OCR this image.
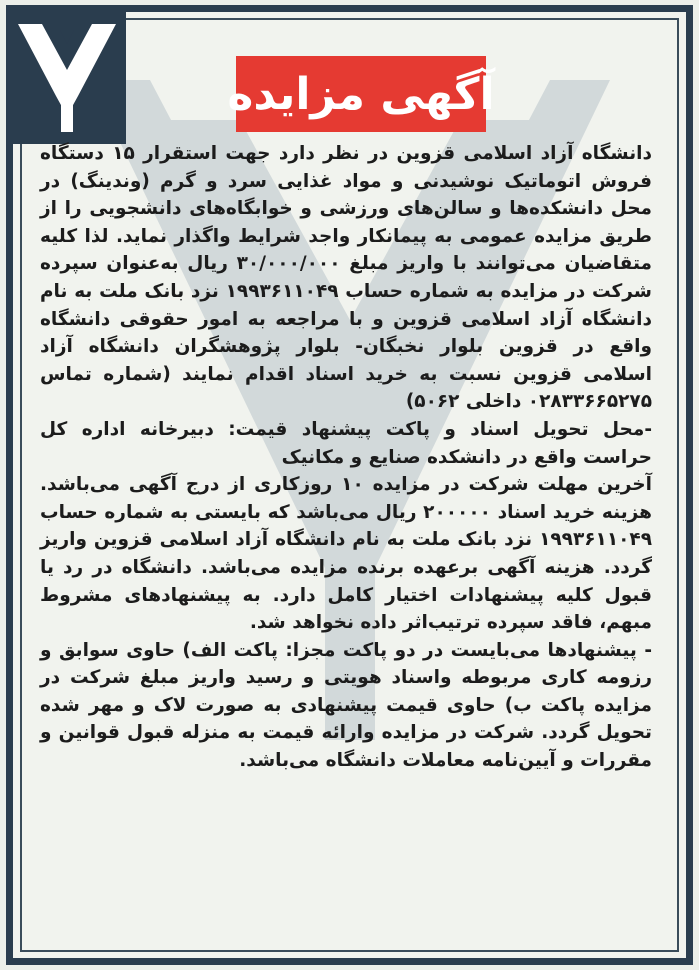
آگهی مزایده

دانشگاه آزاد اسلامی قزوین در نظر دارد جهت استقرار ۱۵ دستگاه فروش اتوماتیک نوشیدنی و مواد غذایی سرد و گرم (وندینگ) در محل دانشکده‌ها و سالن‌های ورزشی و خوابگاه‌های دانشجویی را از طریق مزایده عمومی به پیمانکار واجد شرایط واگذار نماید. لذا کلیه متقاضیان می‌توانند با واریز مبلغ ۳۰/۰۰۰/۰۰۰ ریال به‌عنوان سپرده شرکت در مزایده به شماره حساب ۱۹۹۳۶۱۱۰۴۹ نزد بانک ملت به نام دانشگاه آزاد اسلامی قزوین و با مراجعه به امور حقوقی دانشگاه واقع در قزوین بلوار نخبگان- بلوار پژوهشگران دانشگاه آزاد اسلامی قزوین نسبت به خرید اسناد اقدام نمایند (شماره تماس ۰۲۸۳۳۶۶۵۲۷۵ داخلی ۵۰۶۲)

-محل تحویل اسناد و پاکت پیشنهاد قیمت: دبیرخانه اداره کل حراست واقع در دانشکده صنایع و مکانیک

آخرین مهلت شرکت در مزایده ۱۰ روزکاری از درج آگهی می‌باشد. هزینه خرید اسناد ۲۰۰۰۰۰ ریال می‌باشد که بایستی به شماره حساب ۱۹۹۳۶۱۱۰۴۹ نزد بانک ملت به نام دانشگاه آزاد اسلامی قزوین واریز گردد. هزینه آگهی برعهده برنده مزایده می‌باشد. دانشگاه در رد یا قبول کلیه پیشنهادات اختیار کامل دارد. به پیشنهادهای مشروط مبهم، فاقد سپرده ترتیب‌اثر داده نخواهد شد.

- پیشنهادها می‌بایست در دو پاکت مجزا: پاکت الف) حاوی سوابق و رزومه کاری مربوطه واسناد هویتی و رسید واریز مبلغ شرکت در مزایده پاکت ب) حاوی قیمت پیشنهادی به صورت لاک و مهر شده تحویل گردد. شرکت در مزایده وارائه قیمت به منزله قبول قوانین و مقررات و آیین‌نامه معاملات دانشگاه می‌باشد.
